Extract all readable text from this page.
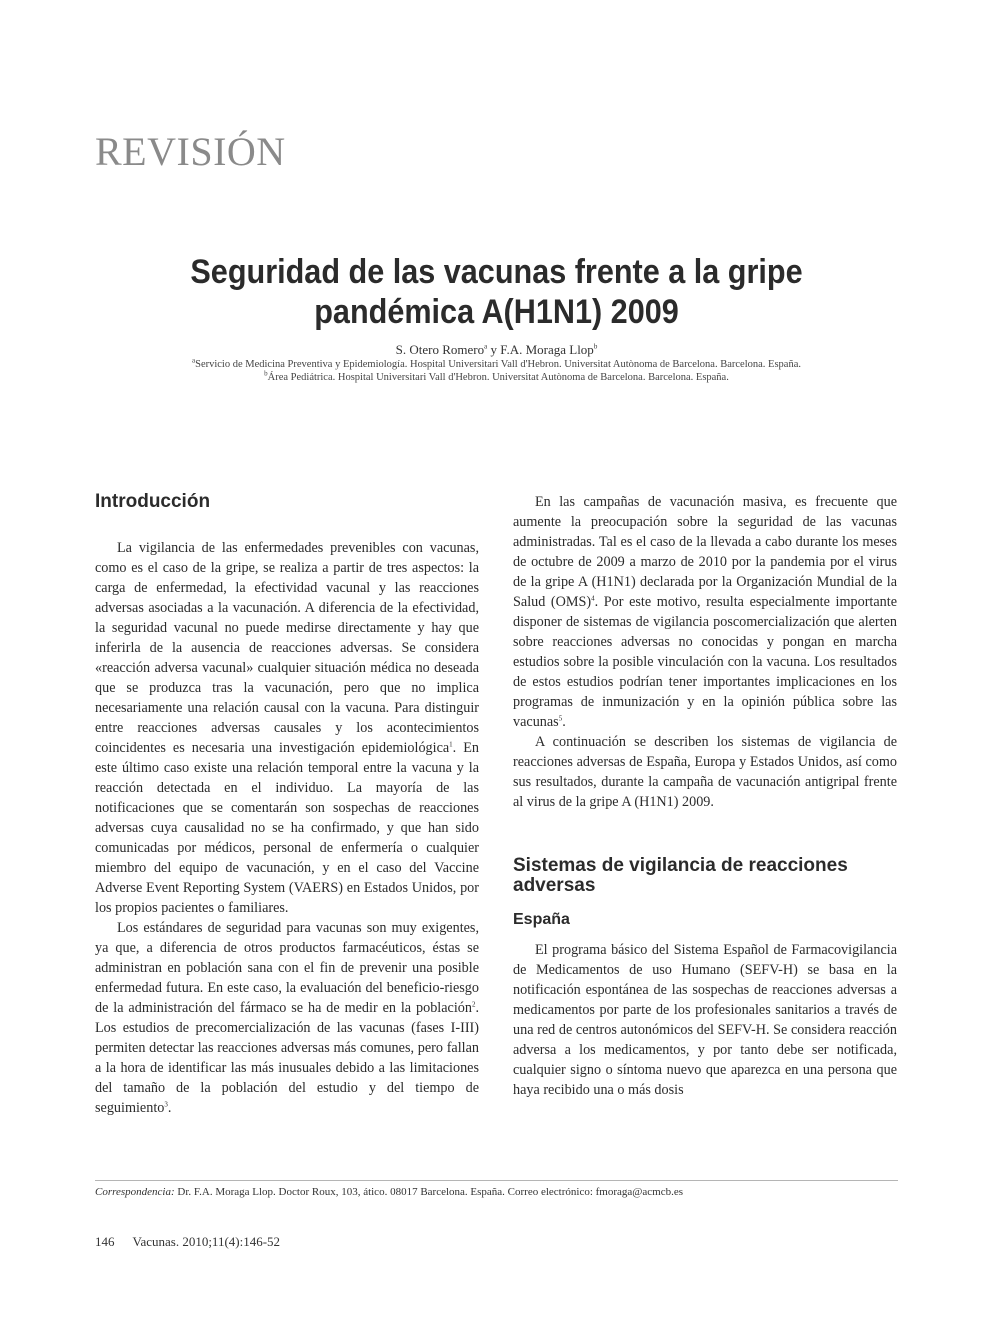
REVISIÓN
Seguridad de las vacunas frente a la gripe
pandémica A(H1N1) 2009
S. Otero Romero$^a$ y F.A. Moraga Llop$^b$
$^a$Servicio de Medicina Preventiva y Epidemiología. Hospital Universitari Vall d'Hebron. Universitat Autònoma de Barcelona. Barcelona. España.
$^b$Área Pediátrica. Hospital Universitari Vall d'Hebron. Universitat Autònoma de Barcelona. Barcelona. España.
Introducción

La vigilancia de las enfermedades prevenibles con vacunas, como es el caso de la gripe, se realiza a partir de tres aspectos: la carga de enfermedad, la efectividad vacunal y las reacciones adversas asociadas a la vacunación. A diferencia de la efectividad, la seguridad vacunal no puede medirse directamente y hay que inferirla de la ausencia de reacciones adversas. Se considera «reacción adversa vacunal» cualquier situación médica no deseada que se produzca tras la vacunación, pero que no implica necesariamente una relación causal con la vacuna. Para distinguir entre reacciones adversas causales y los acontecimientos coincidentes es necesaria una investigación epidemiológica$^1$. En este último caso existe una relación temporal entre la vacuna y la reacción detectada en el individuo. La mayoría de las notificaciones que se comentarán son sospechas de reacciones adversas cuya causalidad no se ha confirmado, y que han sido comunicadas por médicos, personal de enfermería o cualquier miembro del equipo de vacunación, y en el caso del Vaccine Adverse Event Reporting System (VAERS) en Estados Unidos, por los propios pacientes o familiares.

Los estándares de seguridad para vacunas son muy exigentes, ya que, a diferencia de otros productos farmacéuticos, éstas se administran en población sana con el fin de prevenir una posible enfermedad futura. En este caso, la evaluación del beneficio-riesgo de la administración del fármaco se ha de medir en la población$^2$. Los estudios de precomercialización de las vacunas (fases I-III) permiten detectar las reacciones adversas más comunes, pero fallan a la hora de identificar las más inusuales debido a las limitaciones del tamaño de la población del estudio y del tiempo de seguimiento$^3$.

En las campañas de vacunación masiva, es frecuente que aumente la preocupación sobre la seguridad de las vacunas administradas. Tal es el caso de la llevada a cabo durante los meses de octubre de 2009 a marzo de 2010 por la pandemia por el virus de la gripe A (H1N1) declarada por la Organización Mundial de la Salud (OMS)$^4$. Por este motivo, resulta especialmente importante disponer de sistemas de vigilancia poscomercialización que alerten sobre reacciones adversas no conocidas y pongan en marcha estudios sobre la posible vinculación con la vacuna. Los resultados de estos estudios podrían tener importantes implicaciones en los programas de inmunización y en la opinión pública sobre las vacunas$^5$.

A continuación se describen los sistemas de vigilancia de reacciones adversas de España, Europa y Estados Unidos, así como sus resultados, durante la campaña de vacunación antigripal frente al virus de la gripe A (H1N1) 2009.

Sistemas de vigilancia de reacciones adversas
España

El programa básico del Sistema Español de Farmacovigilancia de Medicamentos de uso Humano (SEFV-H) se basa en la notificación espontánea de las sospechas de reacciones adversas a medicamentos por parte de los profesionales sanitarios a través de una red de centros autonómicos del SEFV-H. Se considera reacción adversa a los medicamentos, y por tanto debe ser notificada, cualquier signo o síntoma nuevo que aparezca en una persona que haya recibido una o más dosis

Correspondencia: Dr. F.A. Moraga Llop. Doctor Roux, 103, ático. 08017 Barcelona. España. Correo electrónico: fmoraga@acmcb.es
146 Vacunas. 2010;11(4):146-52
